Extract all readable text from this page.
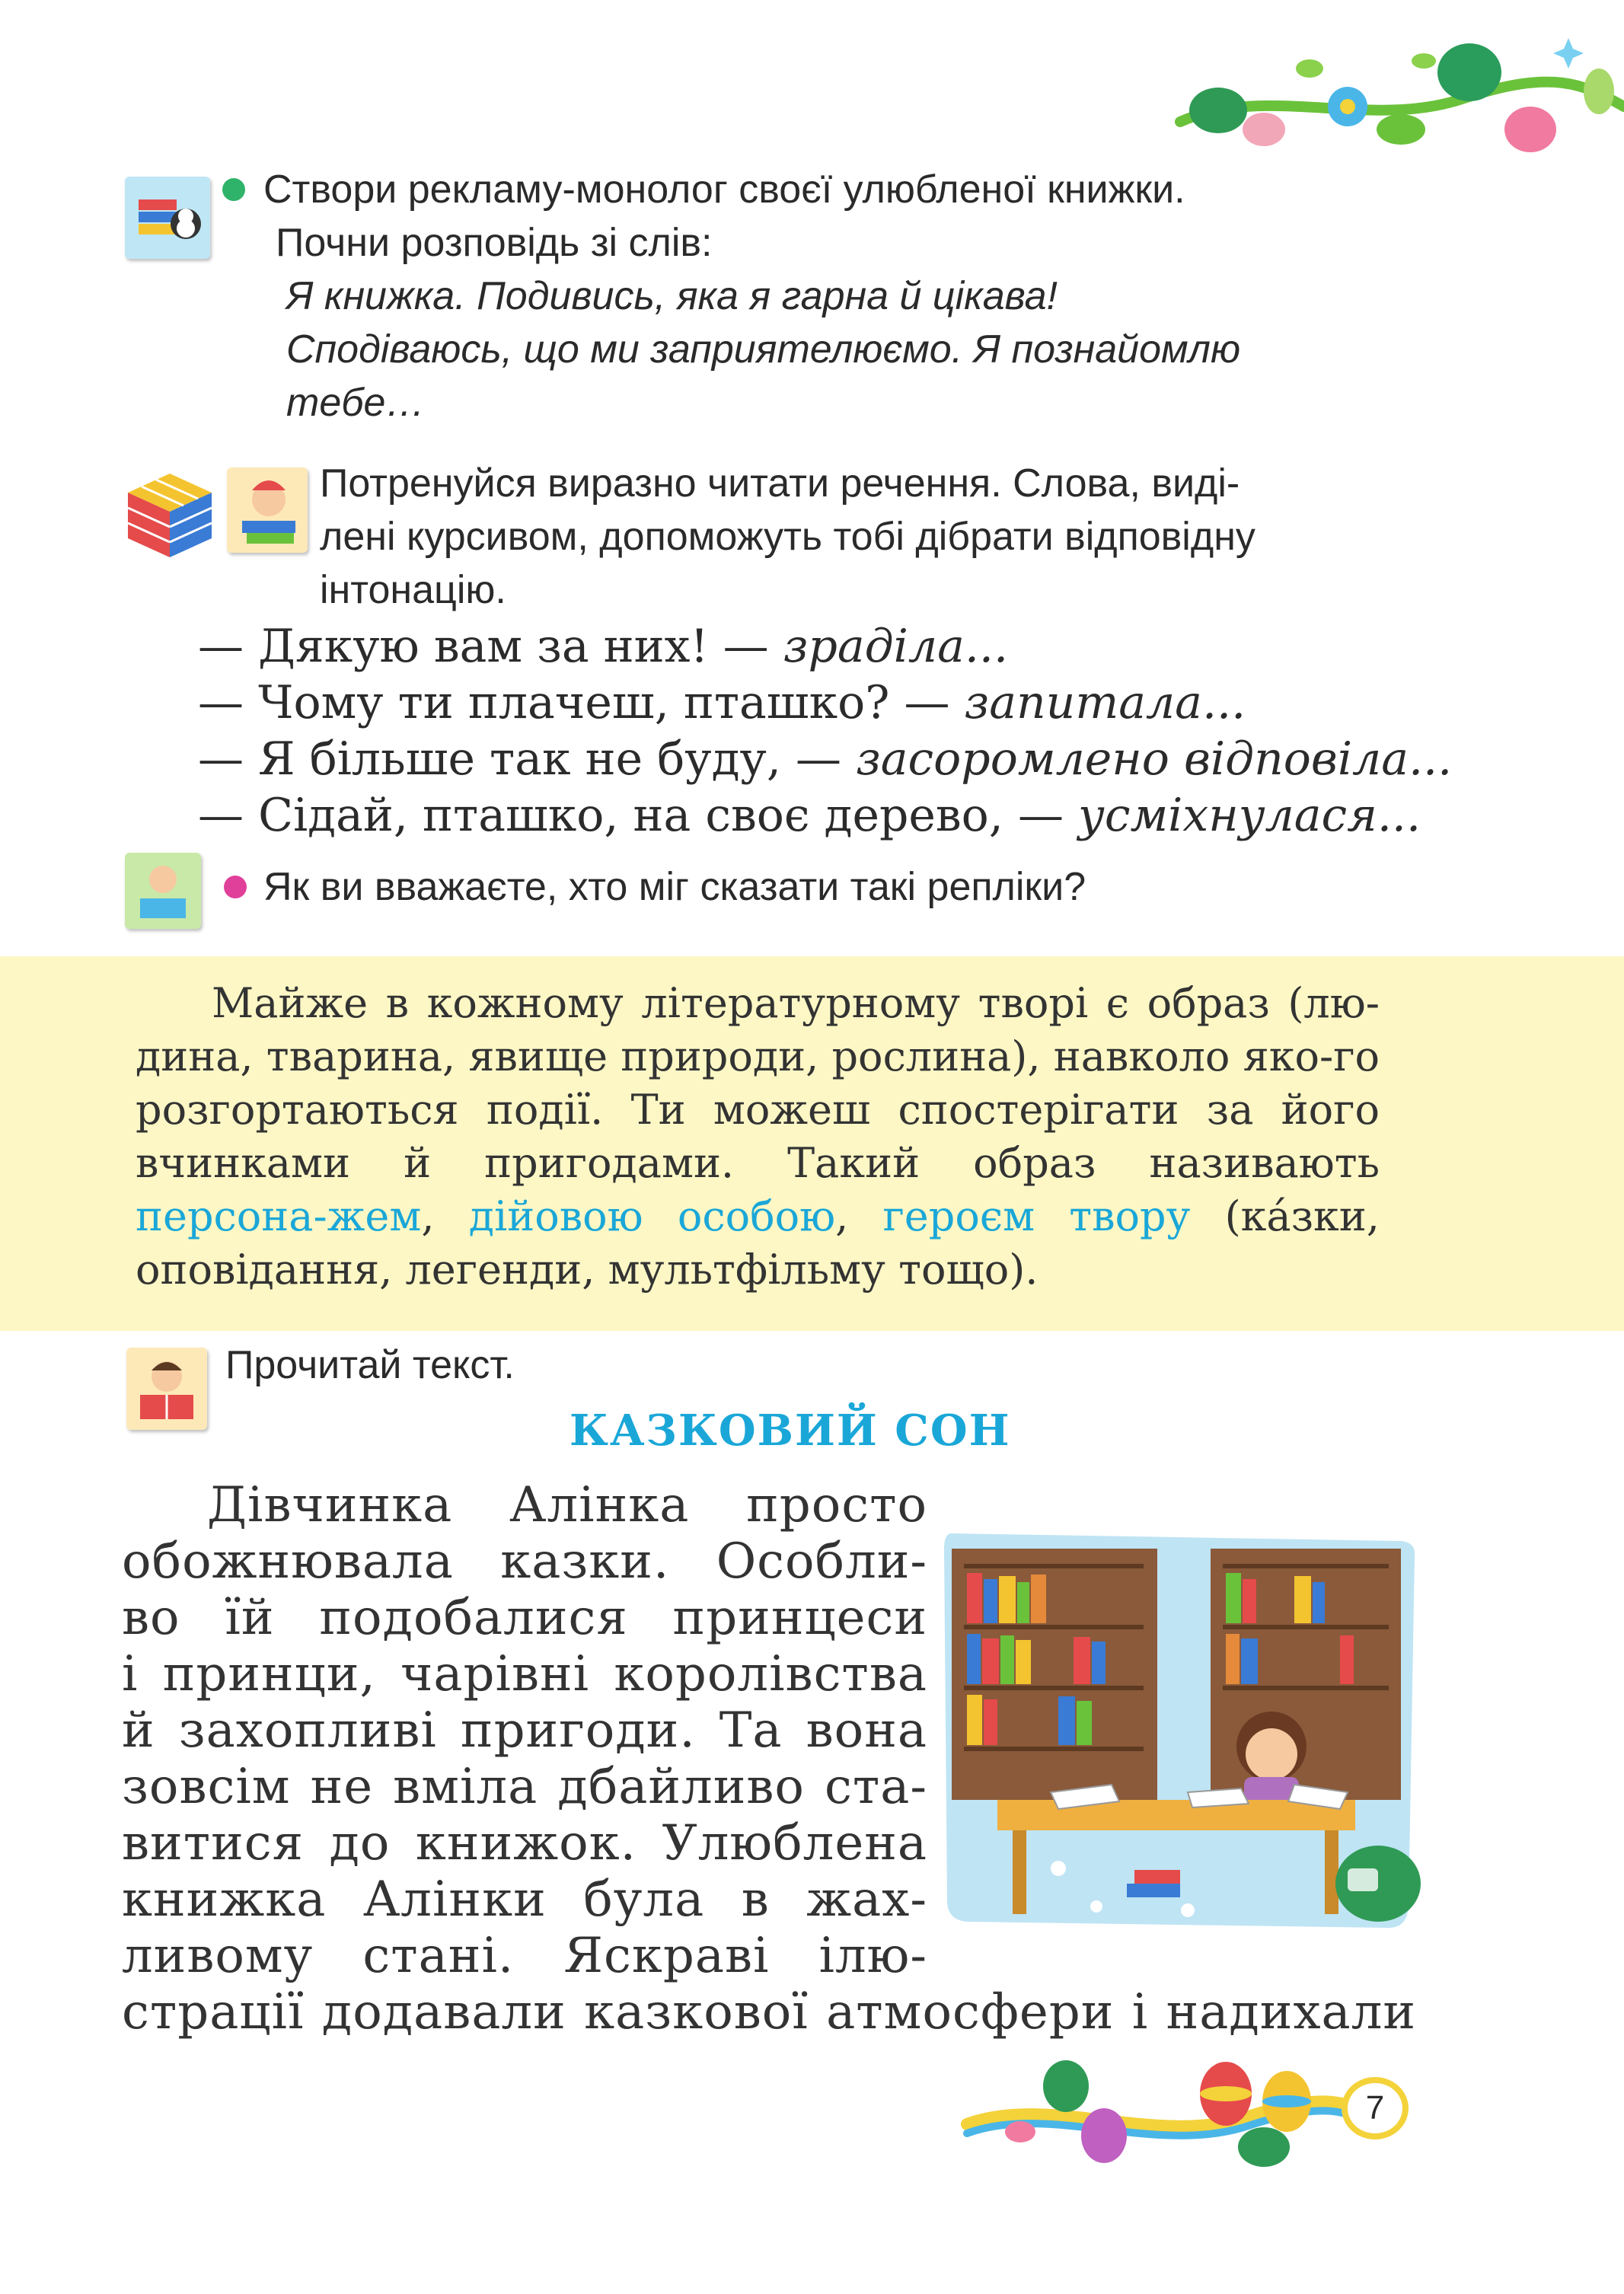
Створи рекламу-монолог своєї улюбленої книжки.
Почни розповідь зі слів:
Я книжка. Подивись, яка я гарна й цікава!
Сподіваюсь, що ми заприятелюємо. Я познайомлю
тебе…
Потренуйся виразно читати речення. Слова, виді-
лені курсивом, допоможуть тобі дібрати відповідну
інтонацію.
— Дякую вам за них! — зраділа...
— Чому ти плачеш, пташко? — запитала...
— Я більше так не буду, — засоромлено відповіла...
— Сідай, пташко, на своє дерево, — усміхнулася...
Як ви вважаєте, хто міг сказати такі репліки?
Майже в кожному літературному творі є образ (лю-дина, тварина, явище природи, рослина), навколо яко-го розгортаються події. Ти можеш спостерігати за його вчинками й пригодами. Такий образ називають персона-жем, дійовою особою, героєм твору (ка́зки, оповідання, легенди, мультфільму тощо).
Прочитай текст.
КАЗКОВИЙ СОН
Дівчинка Алінка просто
обожнювала казки. Особли-
во їй подобалися принцеси
і принци, чарівні королівства
й захопливі пригоди. Та вона
зовсім не вміла дбайливо ста-
витися до книжок. Улюблена
книжка Алінки була в жах-
ливому стані. Яскраві ілю-
страції додавали казкової атмосфери і надихали
7
